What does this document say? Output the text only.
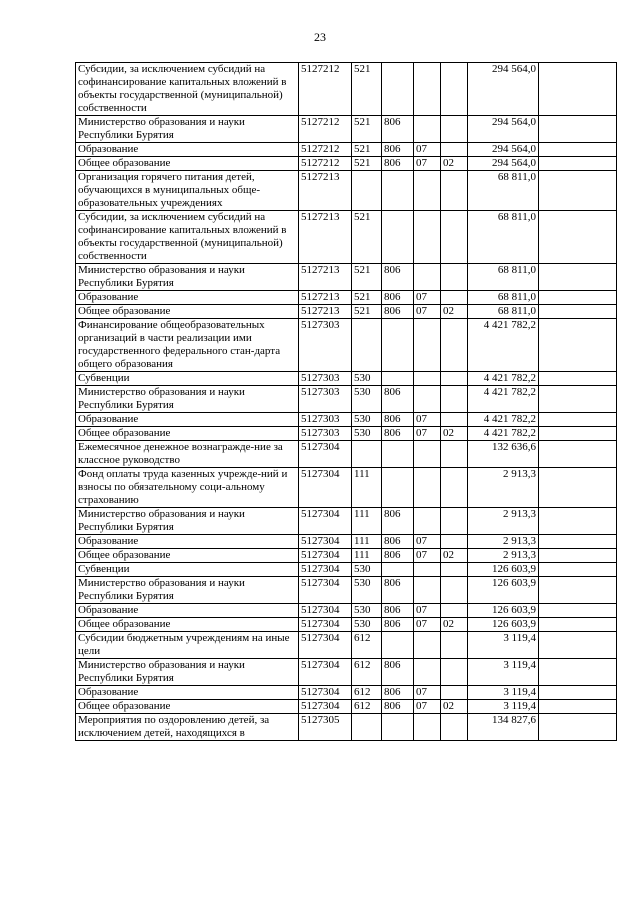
23
Субсидии, за исключением субсидий на софинансирование капитальных вложений в объекты государственной (муниципальной) собственности	5127212	521				294 564,0	
Министерство образования и науки Республики Бурятия	5127212	521	806			294 564,0	
Образование	5127212	521	806	07		294 564,0	
Общее образование	5127212	521	806	07	02	294 564,0	
Организация горячего питания детей, обучающихся в муниципальных обще-образовательных учреждениях	5127213					68 811,0	
Субсидии, за исключением субсидий на софинансирование капитальных вложений в объекты государственной (муниципальной) собственности	5127213	521				68 811,0	
Министерство образования и науки Республики Бурятия	5127213	521	806			68 811,0	
Образование	5127213	521	806	07		68 811,0	
Общее образование	5127213	521	806	07	02	68 811,0	
Финансирование общеобразовательных организаций в части реализации ими государственного федерального стан-дарта общего образования	5127303					4 421 782,2	
Субвенции	5127303	530				4 421 782,2	
Министерство образования и науки Республики Бурятия	5127303	530	806			4 421 782,2	
Образование	5127303	530	806	07		4 421 782,2	
Общее образование	5127303	530	806	07	02	4 421 782,2	
Ежемесячное денежное вознагражде-ние за классное руководство	5127304					132 636,6	
Фонд оплаты труда казенных учрежде-ний и взносы по обязательному соци-альному страхованию	5127304	111				2 913,3	
Министерство образования и науки Республики Бурятия	5127304	111	806			2 913,3	
Образование	5127304	111	806	07		2 913,3	
Общее образование	5127304	111	806	07	02	2 913,3	
Субвенции	5127304	530				126 603,9	
Министерство образования и науки Республики Бурятия	5127304	530	806			126 603,9	
Образование	5127304	530	806	07		126 603,9	
Общее образование	5127304	530	806	07	02	126 603,9	
Субсидии бюджетным учреждениям на иные цели	5127304	612				3 119,4	
Министерство образования и науки Республики Бурятия	5127304	612	806			3 119,4	
Образование	5127304	612	806	07		3 119,4	
Общее образование	5127304	612	806	07	02	3 119,4	
Мероприятия по оздоровлению детей, за исключением детей, находящихся в	5127305					134 827,6	
